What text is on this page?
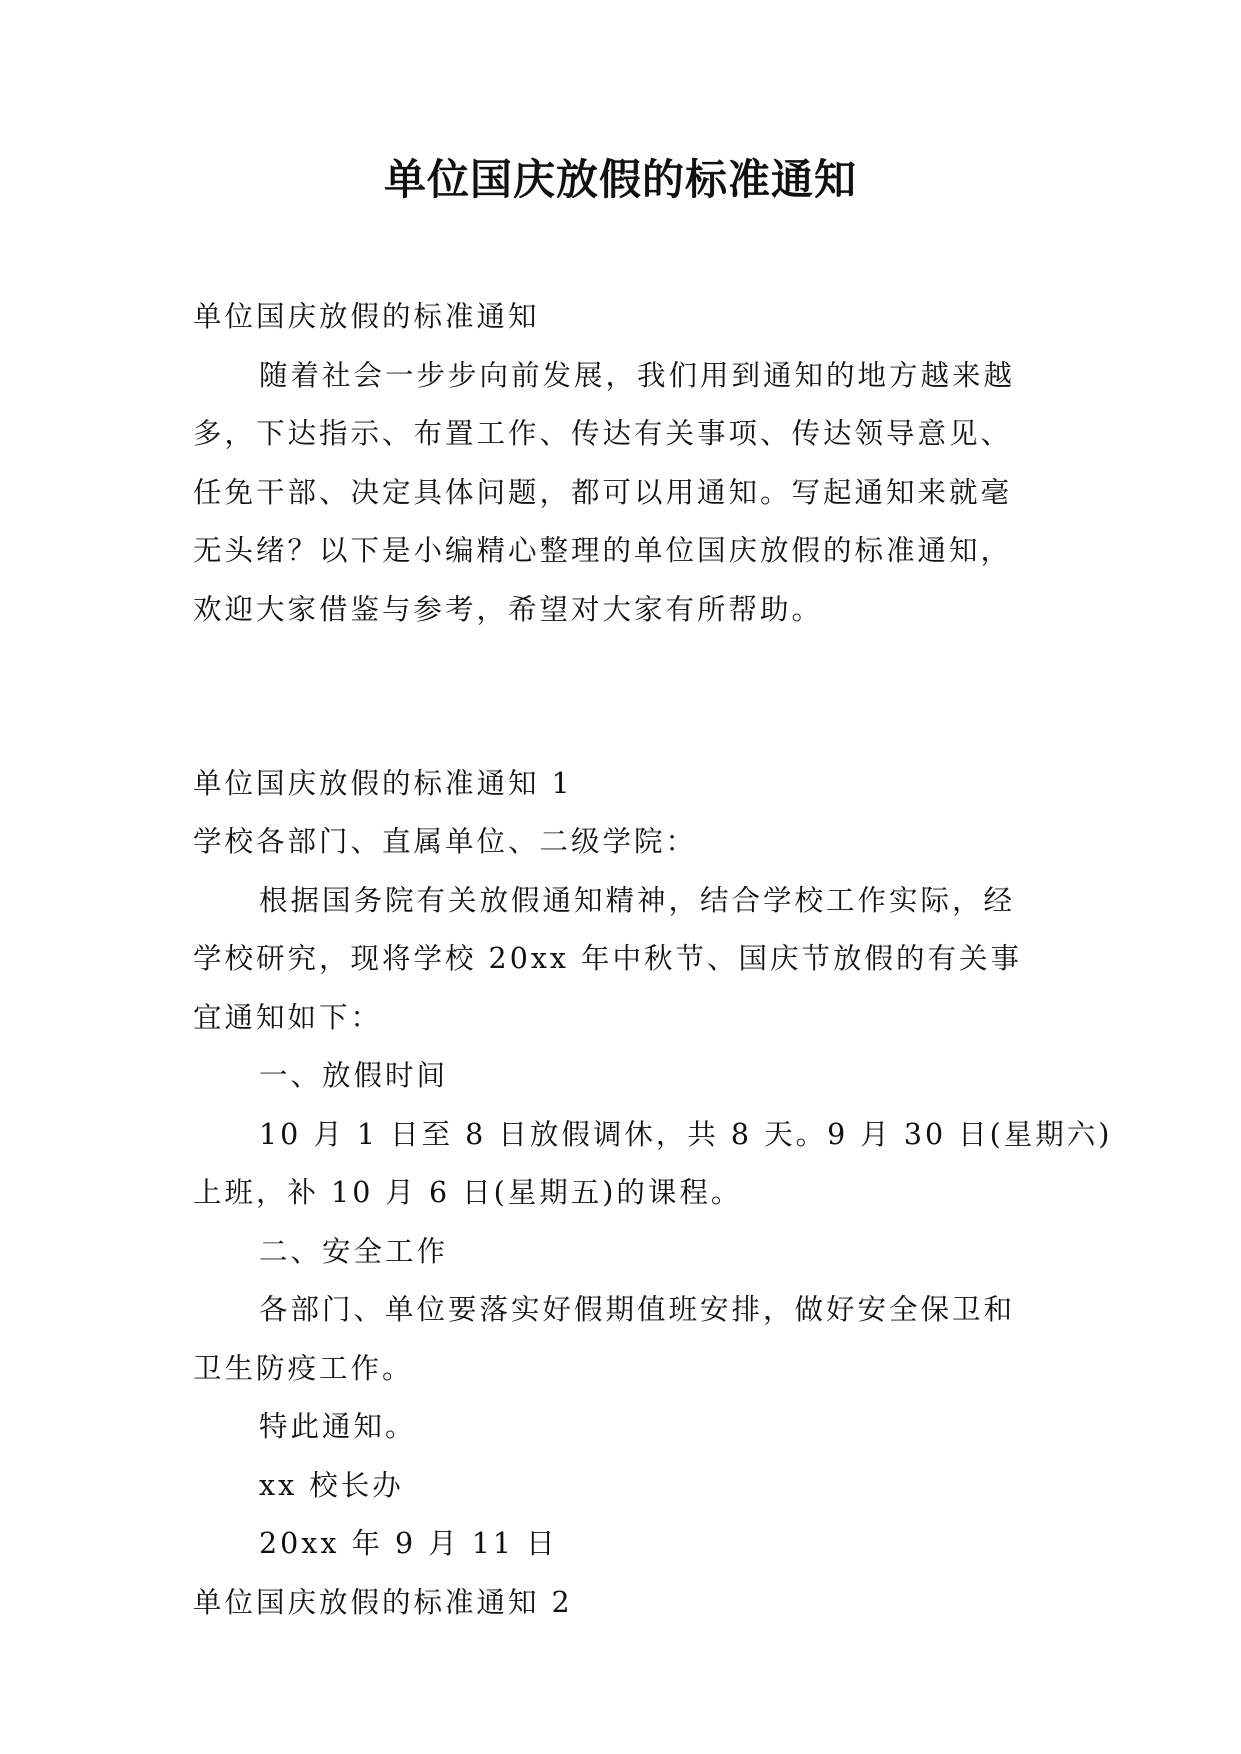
单位国庆放假的标准通知

单位国庆放假的标准通知

随着社会一步步向前发展，我们用到通知的地方越来越

多，下达指示、布置工作、传达有关事项、传达领导意见、

任免干部、决定具体问题，都可以用通知。写起通知来就毫

无头绪？以下是小编精心整理的单位国庆放假的标准通知，

欢迎大家借鉴与参考，希望对大家有所帮助。

单位国庆放假的标准通知 1

学校各部门、直属单位、二级学院：

根据国务院有关放假通知精神，结合学校工作实际，经

学校研究，现将学校 20xx 年中秋节、国庆节放假的有关事

宜通知如下：

一、放假时间

10 月 1 日至 8 日放假调休，共 8 天。9 月 30 日(星期六)

上班，补 10 月 6 日(星期五)的课程。

二、安全工作

各部门、单位要落实好假期值班安排，做好安全保卫和

卫生防疫工作。

特此通知。

xx 校长办

20xx 年 9 月 11 日

单位国庆放假的标准通知 2
